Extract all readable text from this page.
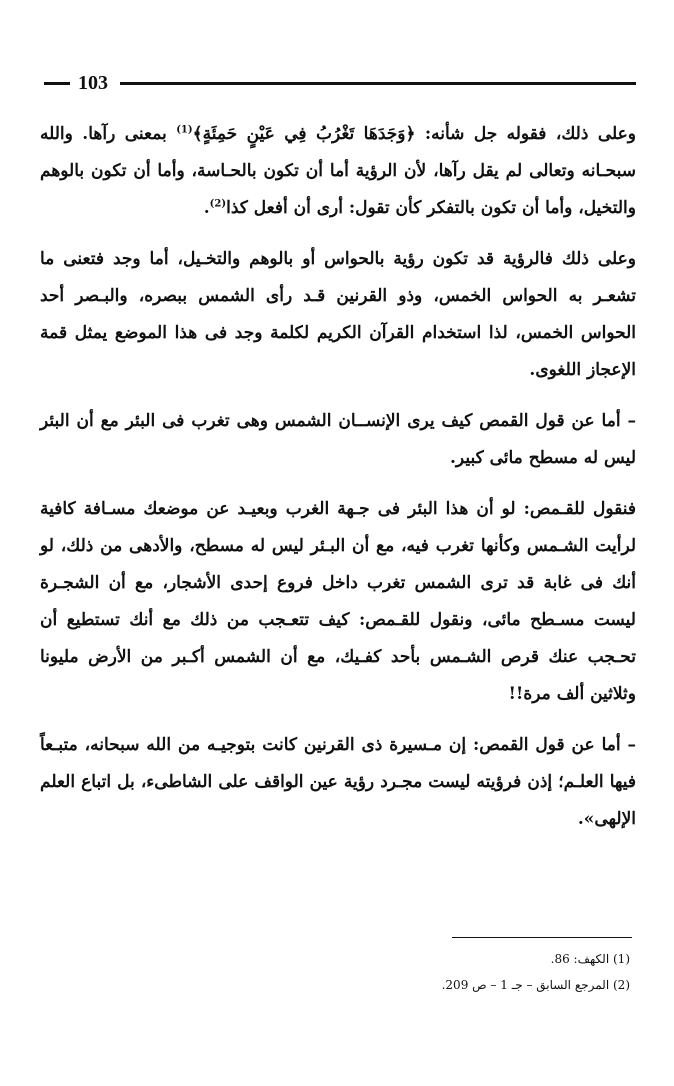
103

وعلى ذلك، فقوله جل شأنه: ﴿وَجَدَهَا تَغْرُبُ فِي عَيْنٍ حَمِئَةٍ﴾$^{(1)}$ بمعنى رآها. والله سبحـانه وتعالى لم يقل رآها، لأن الرؤية أما أن تكون بالحـاسة، وأما أن تكون بالوهم والتخيل، وأما أن تكون بالتفكر كأن تقول: أرى أن أفعل كذا$^{(2)}$.

وعلى ذلك فالرؤية قد تكون رؤية بالحواس أو بالوهم والتخـيل، أما وجد فتعنى ما تشعـر به الحواس الخمس، وذو القرنين قـد رأى الشمس ببصره، والبـصر أحد الحواس الخمس، لذا استخدام القرآن الكريم لكلمة وجد فى هذا الموضع يمثل قمة الإعجاز اللغوى.

– أما عن قول القمص كيف يرى الإنســان الشمس وهى تغرب فى البئر مع أن البئر ليس له مسطح مائى كبير.

فنقول للقـمص: لو أن هذا البئر فى جـهة الغرب وبعيـد عن موضعك مسـافة كافية لرأيت الشـمس وكأنها تغرب فيه، مع أن البـئر ليس له مسطح، والأدهى من ذلك، لو أنك فى غابة قد ترى الشمس تغرب داخل فروع إحدى الأشجار، مع أن الشجـرة ليست مسـطح مائى، ونقول للقـمص: كيف تتعـجب من ذلك مع أنك تستطيع أن تحـجب عنك قرص الشـمس بأحد كفـيك، مع أن الشمس أكـبر من الأرض مليونا وثلاثين ألف مرة!!

– أما عن قول القمص: إن مـسيرة ذى القرنين كانت بتوجيـه من الله سبحانه، متبـعاً فيها العلـم؛ إذن فرؤيته ليست مجـرد رؤية عين الواقف على الشاطىء، بل اتباع العلم الإلهى».

(1) الكهف: 86.
(2) المرجع السابق – جـ 1 – ص 209.
